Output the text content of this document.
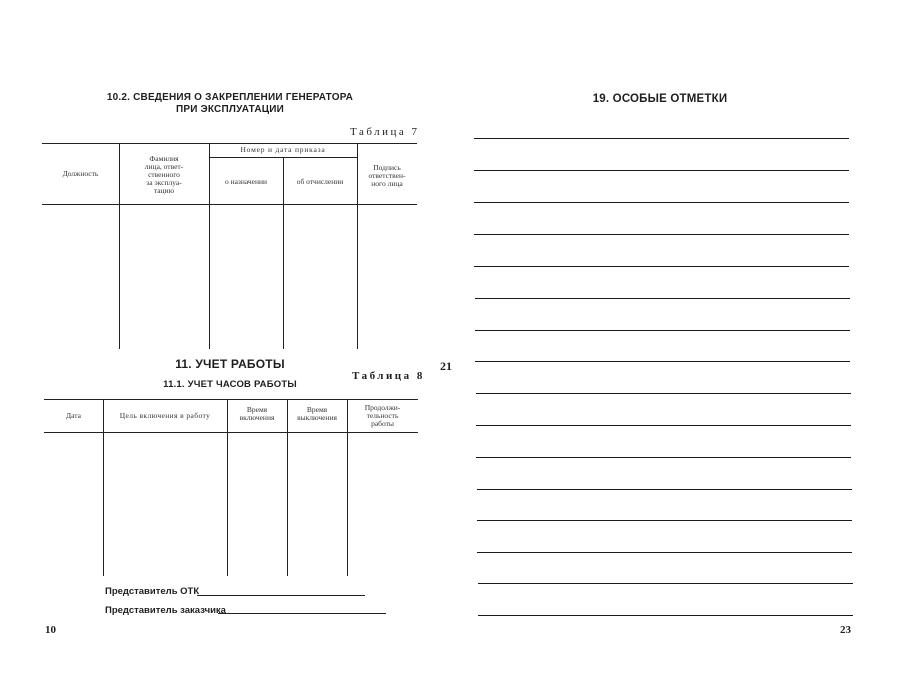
10.2. СВЕДЕНИЯ О ЗАКРЕПЛЕНИИ ГЕНЕРАТОРА
ПРИ ЭКСПЛУАТАЦИИ
Таблица 7
Должность
Фамилия
лица, ответ-
ственного
за эксплуа-
тацию
Номер и дата приказа
о назначении	об отчислении
Подпись
ответствен-
ного лица
11. УЧЕТ РАБОТЫ
11.1. УЧЕТ ЧАСОВ РАБОТЫ
Таблица 8
Дата	Цель включения в работу
Время
включения
Время
выключения
Продолжи-
тельность
работы
Представитель ОТК
Представитель заказчика
10
21
19. ОСОБЫЕ ОТМЕТКИ
23
